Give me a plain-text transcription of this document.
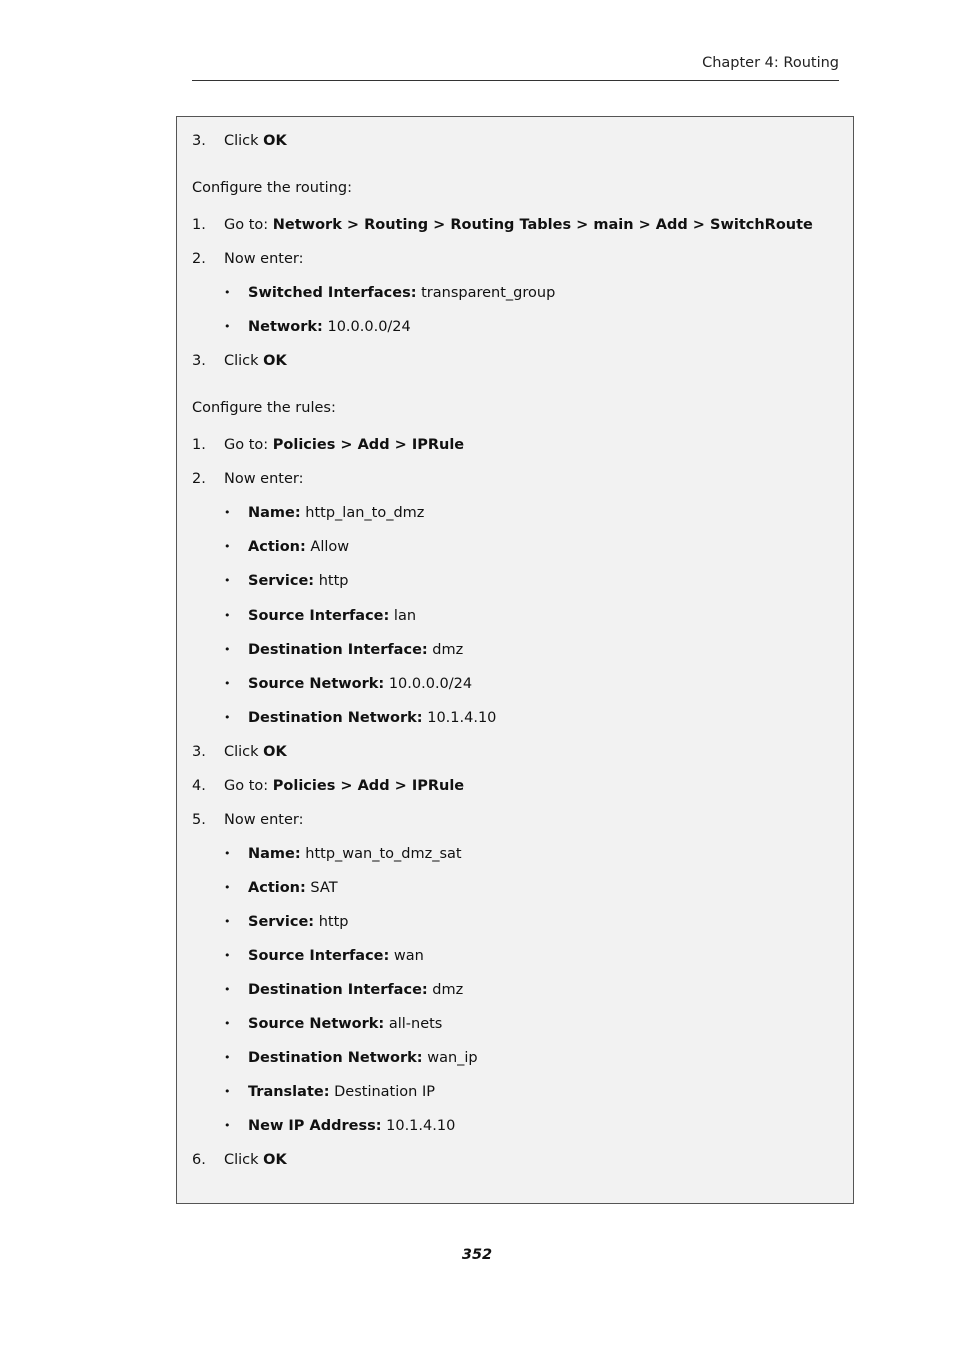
Chapter 4: Routing
3. Click OK
Configure the routing:
1. Go to: Network > Routing > Routing Tables > main > Add > SwitchRoute
2. Now enter:
• Switched Interfaces: transparent_group
• Network: 10.0.0.0/24
3. Click OK
Configure the rules:
1. Go to: Policies > Add > IPRule
2. Now enter:
• Name: http_lan_to_dmz
• Action: Allow
• Service: http
• Source Interface: lan
• Destination Interface: dmz
• Source Network: 10.0.0.0/24
• Destination Network: 10.1.4.10
3. Click OK
4. Go to: Policies > Add > IPRule
5. Now enter:
• Name: http_wan_to_dmz_sat
• Action: SAT
• Service: http
• Source Interface: wan
• Destination Interface: dmz
• Source Network: all-nets
• Destination Network: wan_ip
• Translate: Destination IP
• New IP Address: 10.1.4.10
6. Click OK
352
